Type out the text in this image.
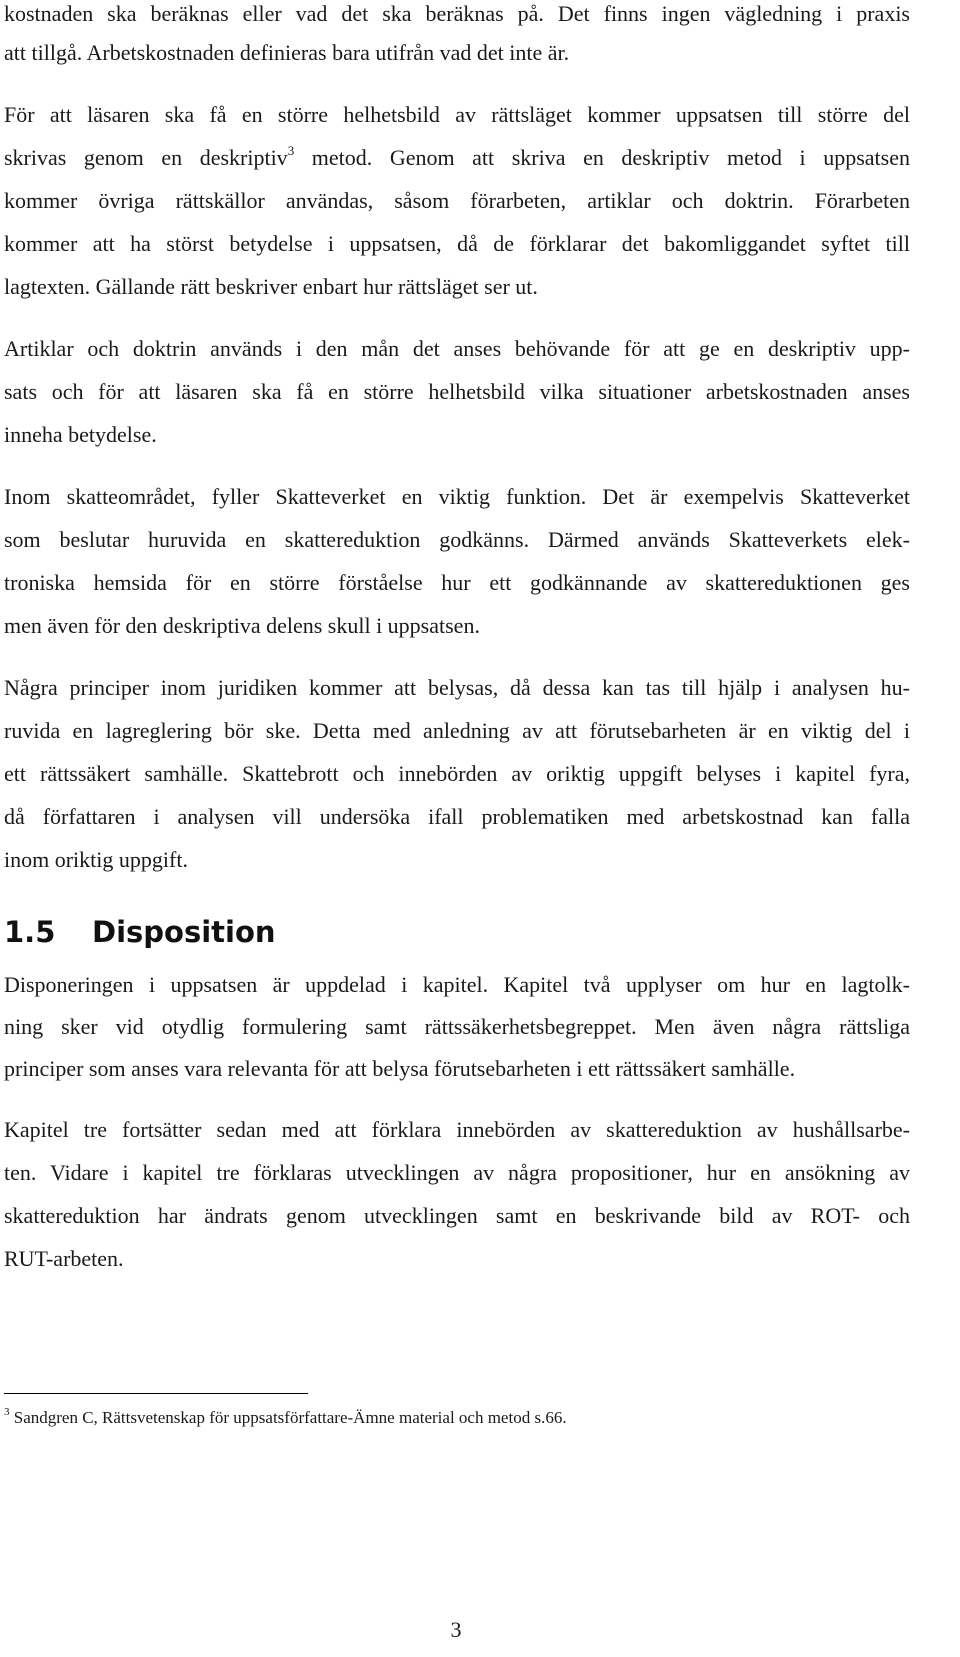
kostnaden ska beräknas eller vad det ska beräknas på. Det finns ingen vägledning i praxis
att tillgå. Arbetskostnaden definieras bara utifrån vad det inte är.
För att läsaren ska få en större helhetsbild av rättsläget kommer uppsatsen till större del
skrivas genom en deskriptiv$^3$ metod. Genom att skriva en deskriptiv metod i uppsatsen
kommer övriga rättskällor användas, såsom förarbeten, artiklar och doktrin. Förarbeten
kommer att ha störst betydelse i uppsatsen, då de förklarar det bakomliggandet syftet till
lagtexten. Gällande rätt beskriver enbart hur rättsläget ser ut.
Artiklar och doktrin används i den mån det anses behövande för att ge en deskriptiv upp-
sats och för att läsaren ska få en större helhetsbild vilka situationer arbetskostnaden anses
inneha betydelse.
Inom skatteområdet, fyller Skatteverket en viktig funktion. Det är exempelvis Skatteverket
som beslutar huruvida en skattereduktion godkänns. Därmed används Skatteverkets elek-
troniska hemsida för en större förståelse hur ett godkännande av skattereduktionen ges
men även för den deskriptiva delens skull i uppsatsen.
Några principer inom juridiken kommer att belysas, då dessa kan tas till hjälp i analysen hu-
ruvida en lagreglering bör ske. Detta med anledning av att förutsebarheten är en viktig del i
ett rättssäkert samhälle. Skattebrott och innebörden av oriktig uppgift belyses i kapitel fyra,
då författaren i analysen vill undersöka ifall problematiken med arbetskostnad kan falla
inom oriktig uppgift.
1.5 Disposition
Disponeringen i uppsatsen är uppdelad i kapitel. Kapitel två upplyser om hur en lagtolk-
ning sker vid otydlig formulering samt rättssäkerhetsbegreppet. Men även några rättsliga
principer som anses vara relevanta för att belysa förutsebarheten i ett rättssäkert samhälle.
Kapitel tre fortsätter sedan med att förklara innebörden av skattereduktion av hushållsarbe-
ten. Vidare i kapitel tre förklaras utvecklingen av några propositioner, hur en ansökning av
skattereduktion har ändrats genom utvecklingen samt en beskrivande bild av ROT- och
RUT-arbeten.
$^3$ Sandgren C, Rättsvetenskap för uppsatsförfattare-Ämne material och metod s.66.
3
